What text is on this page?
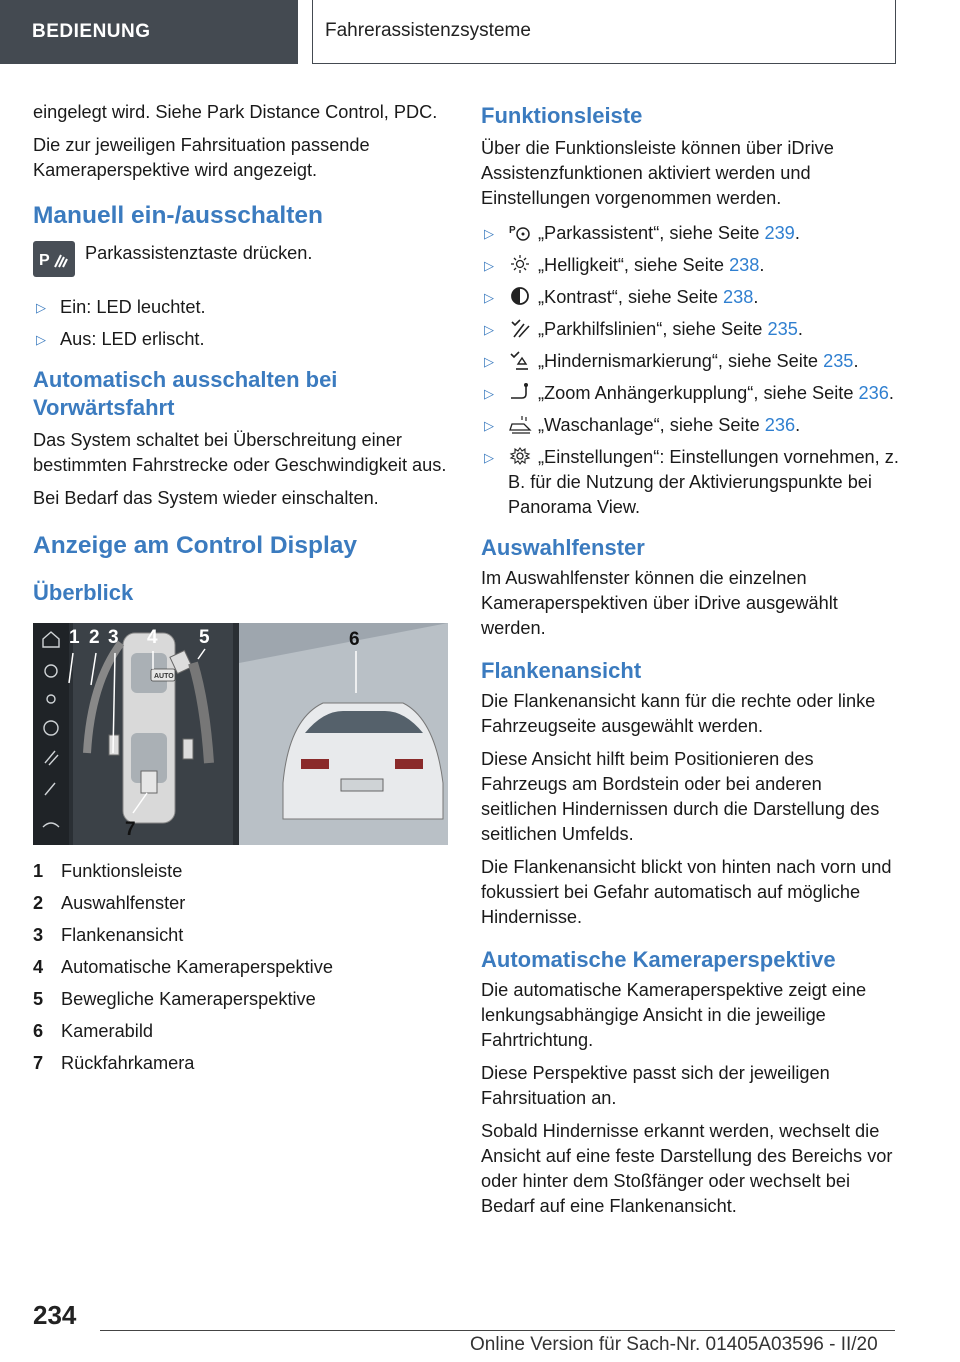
BEDIENUNG	Fahrerassistenzsysteme

eingelegt wird. Siehe Park Distance Control, PDC.

Die zur jeweiligen Fahrsituation passende Kameraperspektive wird angezeigt.

Manuell ein-/ausschalten
P Parkassistenztaste drücken.
▷ Ein: LED leuchtet.
▷ Aus: LED erlischt.
Automatisch ausschalten bei Vorwärtsfahrt

Das System schaltet bei Überschreitung einer bestimmten Fahrstrecke oder Geschwindigkeit aus.

Bei Bedarf das System wieder einschalten.

Anzeige am Control Display
Überblick
AUTO
1 2 3 4 5	6
7
1 Funktionsleiste
2 Auswahlfenster
3 Flankenansicht
4 Automatische Kameraperspektive
5 Bewegliche Kameraperspektive
6 Kamerabild
7 Rückfahrkamera
Funktionsleiste

Über die Funktionsleiste können über iDrive Assistenzfunktionen aktiviert werden und Einstellungen vorgenommen werden.

▷ P „Parkassistent“, siehe Seite 239.
▷ „Helligkeit“, siehe Seite 238.
▷ „Kontrast“, siehe Seite 238.
▷ „Parkhilfslinien“, siehe Seite 235.
▷ „Hindernismarkierung“, siehe Seite 235.
▷ „Zoom Anhängerkupplung“, siehe Seite 236.
▷ „Waschanlage“, siehe Seite 236.
▷ „Einstellungen“: Einstellungen vornehmen, z. B. für die Nutzung der Aktivierungspunkte bei Panorama View.
Auswahlfenster

Im Auswahlfenster können die einzelnen Kameraperspektiven über iDrive ausgewählt werden.

Flankenansicht

Die Flankenansicht kann für die rechte oder linke Fahrzeugseite ausgewählt werden.

Diese Ansicht hilft beim Positionieren des Fahrzeugs am Bordstein oder bei anderen seitlichen Hindernissen durch die Darstellung des seitlichen Umfelds.

Die Flankenansicht blickt von hinten nach vorn und fokussiert bei Gefahr automatisch auf mögliche Hindernisse.

Automatische Kameraperspektive

Die automatische Kameraperspektive zeigt eine lenkungsabhängige Ansicht in die jeweilige Fahrtrichtung.

Diese Perspektive passt sich der jeweiligen Fahrsituation an.

Sobald Hindernisse erkannt werden, wechselt die Ansicht auf eine feste Darstellung des Bereichs vor oder hinter dem Stoßfänger oder wechselt bei Bedarf auf eine Flankenansicht.

234
Online Version für Sach-Nr. 01405A03596 - II/20
